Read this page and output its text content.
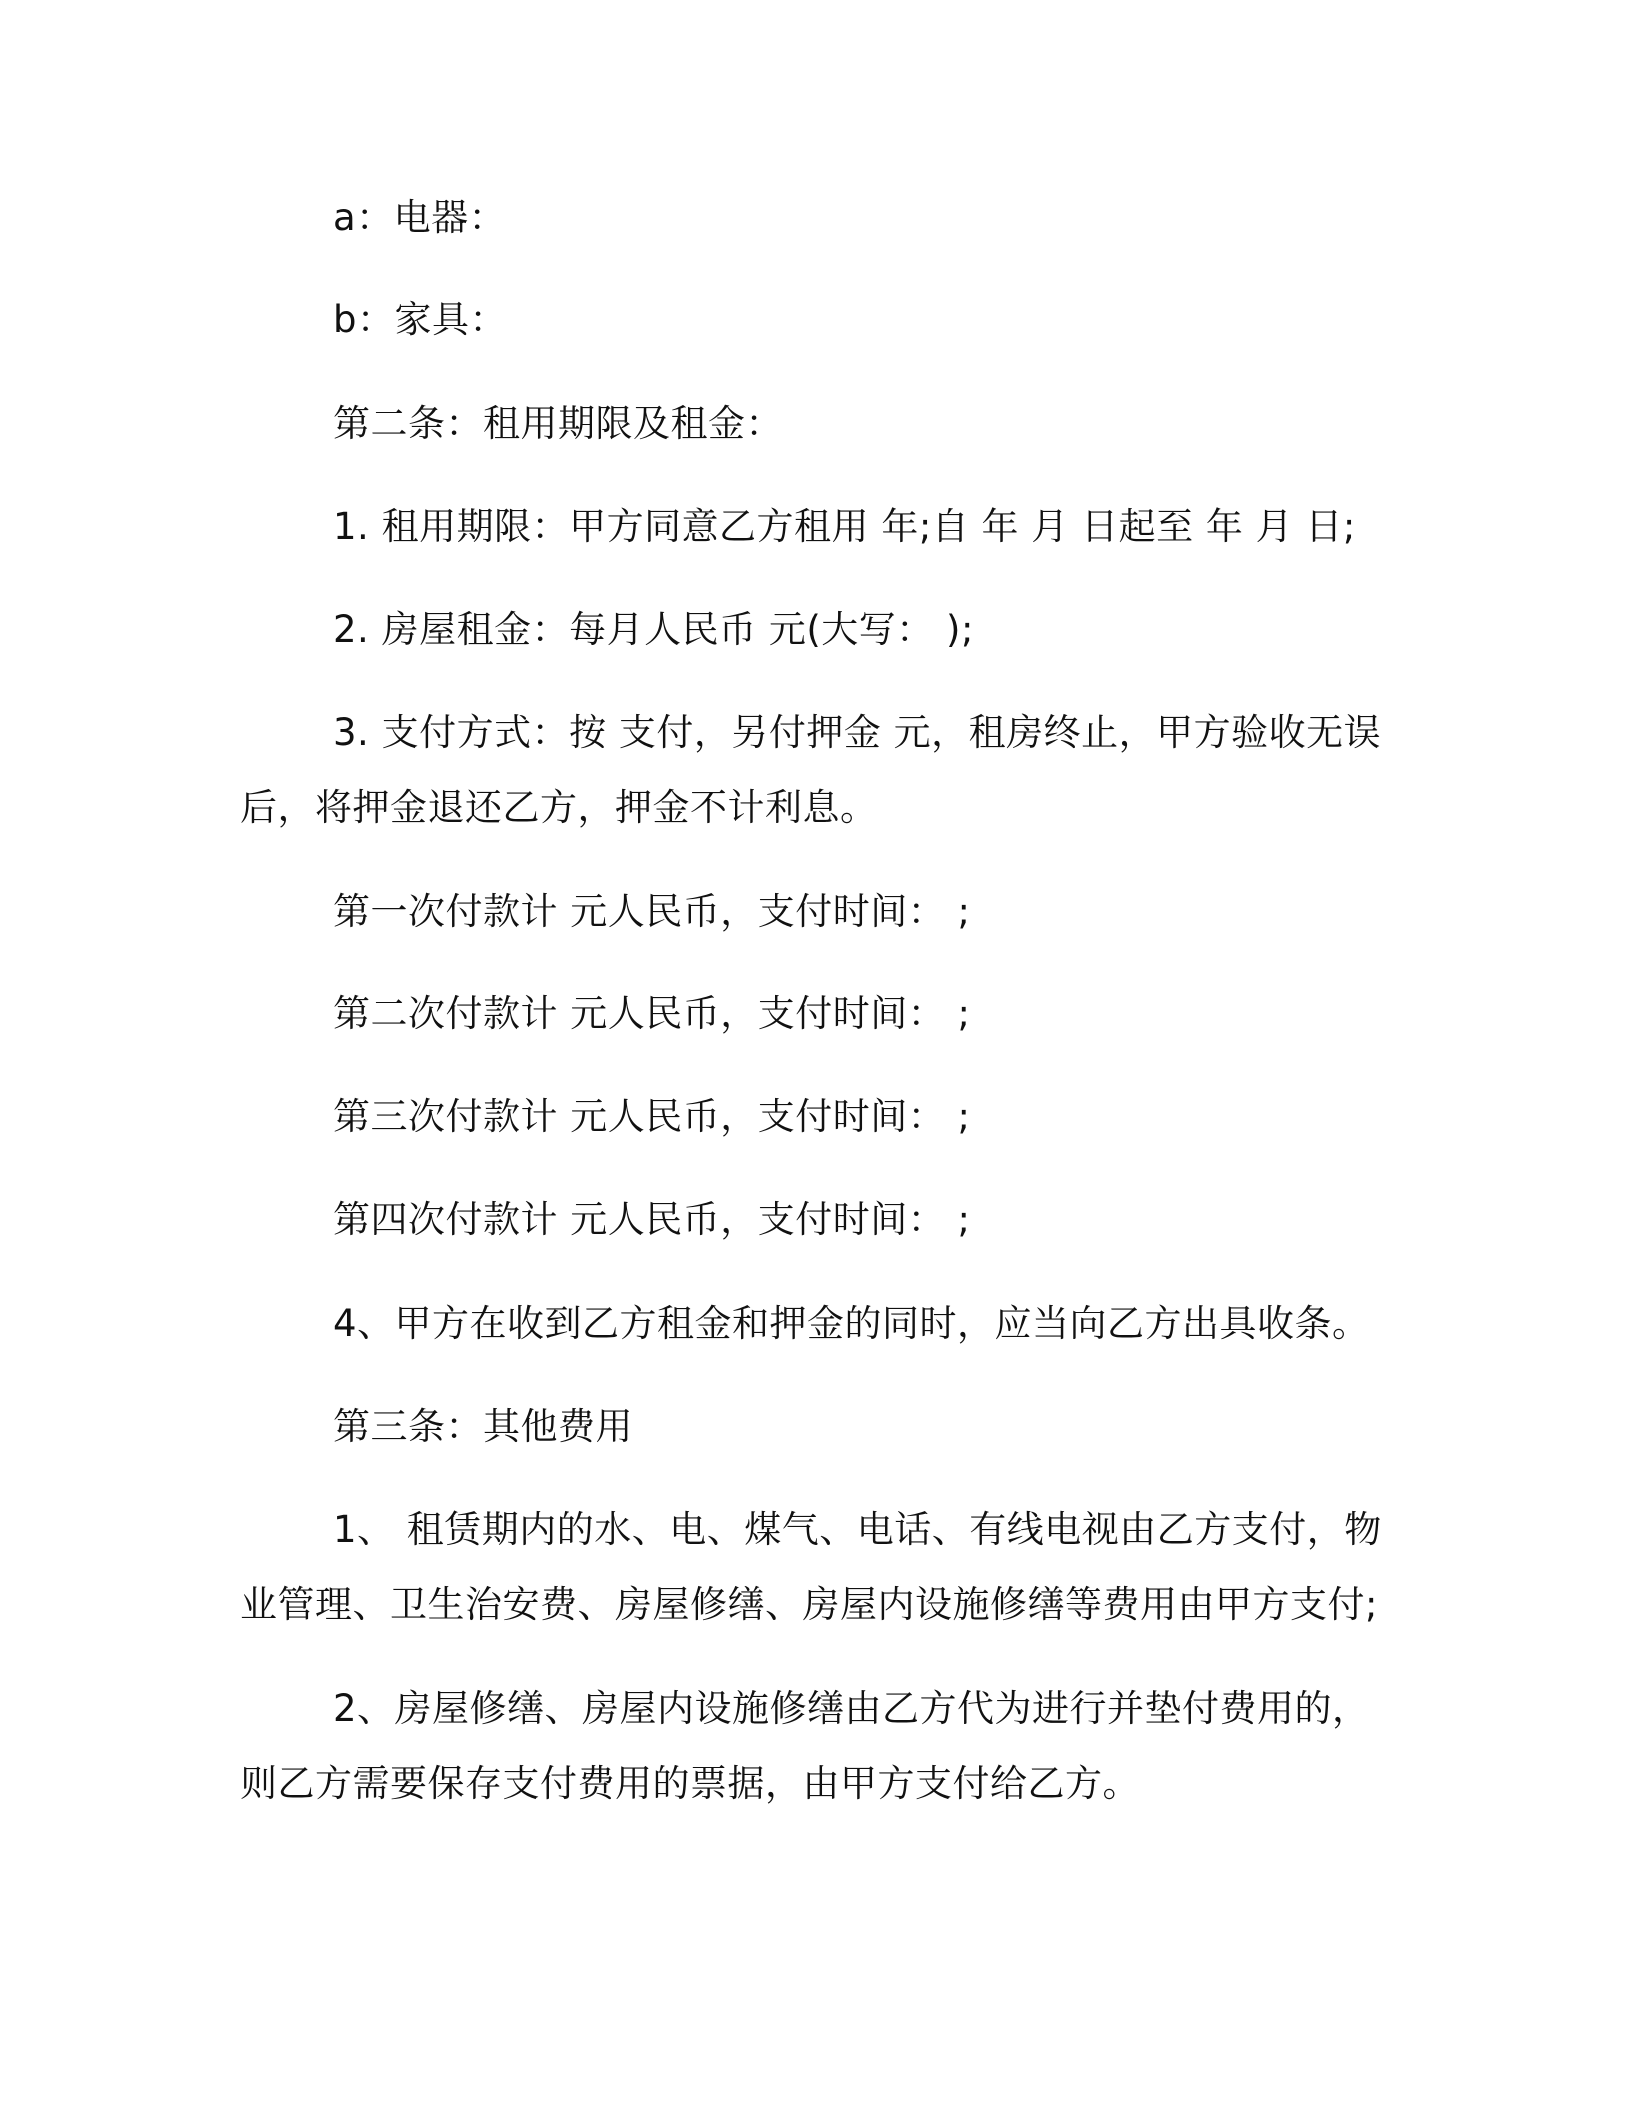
a：电器：
b：家具：
第二条：租用期限及租金：
1. 租用期限：甲方同意乙方租用 年;自 年 月 日起至 年 月 日;
2. 房屋租金：每月人民币 元(大写： );
3. 支付方式：按 支付，另付押金 元，租房终止，甲方验收无误
后，将押金退还乙方，押金不计利息。
第一次付款计 元人民币，支付时间： ;
第二次付款计 元人民币，支付时间： ;
第三次付款计 元人民币，支付时间： ;
第四次付款计 元人民币，支付时间： ;
4、甲方在收到乙方租金和押金的同时，应当向乙方出具收条。
第三条：其他费用
1、 租赁期内的水、电、煤气、电话、有线电视由乙方支付，物
业管理、卫生治安费、房屋修缮、房屋内设施修缮等费用由甲方支付;
2、房屋修缮、房屋内设施修缮由乙方代为进行并垫付费用的，
则乙方需要保存支付费用的票据，由甲方支付给乙方。
